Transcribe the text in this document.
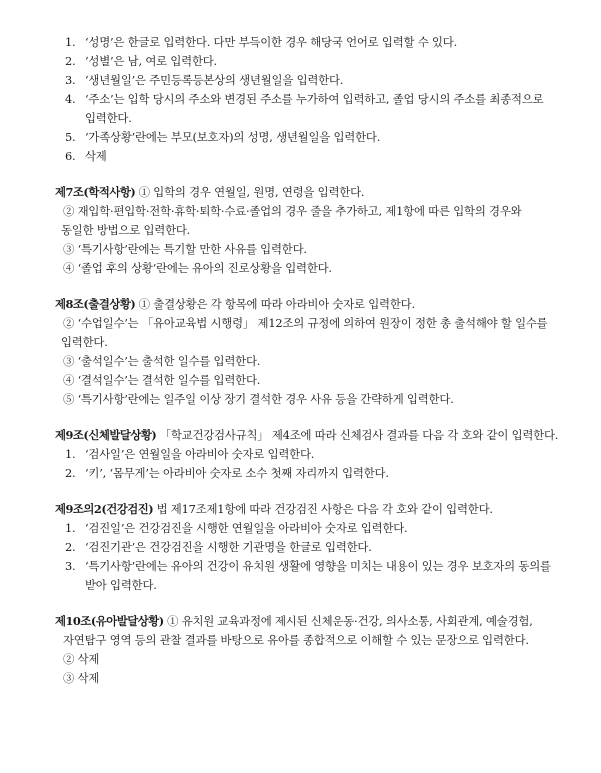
1. ‘성명’은 한글로 입력한다. 다만 부득이한 경우 해당국 언어로 입력할 수 있다.
2. ‘성별’은 남, 여로 입력한다.
3. ‘생년월일’은 주민등록등본상의 생년월일을 입력한다.
4. ‘주소’는 입학 당시의 주소와 변경된 주소를 누가하여 입력하고, 졸업 당시의 주소를 최종적으로
입력한다.
5. ‘가족상황’란에는 부모(보호자)의 성명, 생년월일을 입력한다.
6. 삭제
제7조(학적사항) ① 입학의 경우 연월일, 원명, 연령을 입력한다.
② 재입학·편입학·전학·휴학·퇴학·수료·졸업의 경우 줄을 추가하고, 제1항에 따른 입학의 경우와
동일한 방법으로 입력한다.
③ ‘특기사항’란에는 특기할 만한 사유를 입력한다.
④ ‘졸업 후의 상황’란에는 유아의 진로상황을 입력한다.
제8조(출결상황) ① 출결상황은 각 항목에 따라 아라비아 숫자로 입력한다.
② ‘수업일수’는 「유아교육법 시행령」 제12조의 규정에 의하여 원장이 정한 총 출석해야 할 일수를
입력한다.
③ ‘출석일수’는 출석한 일수를 입력한다.
④ ‘결석일수’는 결석한 일수를 입력한다.
⑤ ‘특기사항’란에는 일주일 이상 장기 결석한 경우 사유 등을 간략하게 입력한다.
제9조(신체발달상황) 「학교건강검사규칙」 제4조에 따라 신체검사 결과를 다음 각 호와 같이 입력한다.
1. ‘검사일’은 연월일을 아라비아 숫자로 입력한다.
2. ‘키’, ‘몸무게’는 아라비아 숫자로 소수 첫째 자리까지 입력한다.
제9조의2(건강검진) 법 제17조제1항에 따라 건강검진 사항은 다음 각 호와 같이 입력한다.
1. ‘검진일’은 건강검진을 시행한 연월일을 아라비아 숫자로 입력한다.
2. ‘검진기관’은 건강검진을 시행한 기관명을 한글로 입력한다.
3. ‘특기사항’란에는 유아의 건강이 유치원 생활에 영향을 미치는 내용이 있는 경우 보호자의 동의를
받아 입력한다.
제10조(유아발달상황) ① 유치원 교육과정에 제시된 신체운동·건강, 의사소통, 사회관계, 예술경험,
자연탐구 영역 등의 관찰 결과를 바탕으로 유아를 종합적으로 이해할 수 있는 문장으로 입력한다.
② 삭제
③ 삭제
